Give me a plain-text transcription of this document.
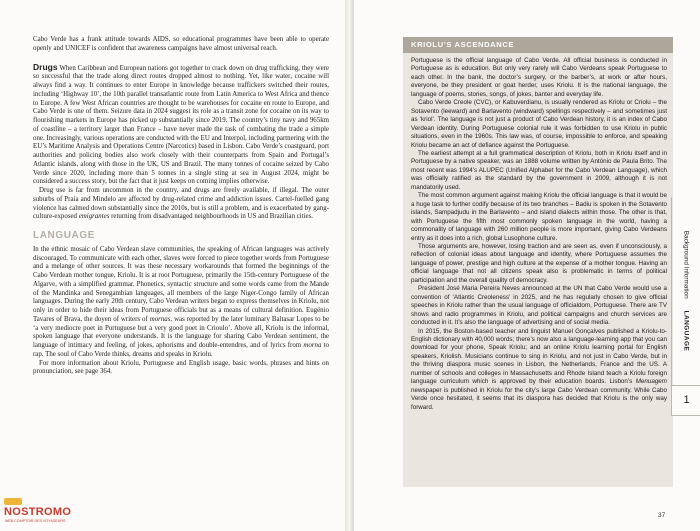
Cabo Verde has a frank attitude towards AIDS, so educational programmes have been able to operate openly and UNICEF is confident that awareness campaigns have almost universal reach.

Drugs When Caribbean and European nations got together to crack down on drug trafficking, they were so successful that the trade along direct routes dropped almost to nothing. Yet, like water, cocaine will always find a way. It continues to enter Europe in knowledge because traffickers switched their routes, including ‘Highway 10’, the 10th parallel transatlantic route from Latin America to West Africa and thence to Europe. A few West African countries are thought to be warehouses for cocaine en route to Europe, and Cabo Verde is one of them. Seizure data in 2024 suggest its role as a transit zone for cocaine on its way to flourishing markets in Europe has picked up substantially since 2019. The country’s tiny navy and 965km of coastline – a territory larger than France – have never made the task of combating the trade a simple one. Increasingly, various operations are conducted with the EU and Interpol, including partnering with the EU’s Maritime Analysis and Operations Centre (Narcotics) based in Lisbon. Cabo Verde’s coastguard, port authorities and policing bodies also work closely with their counterparts from Spain and Portugal’s Atlantic islands, along with those in the UK, US and Brazil. The many tonnes of cocaine seized by Cabo Verde since 2020, including more than 5 tonnes in a single sting at sea in August 2024, might be considered a success story, but the fact that it just keeps on coming implies otherwise.

Drug use is far from uncommon in the country, and drugs are freely available, if illegal. The outer suburbs of Praia and Mindelo are affected by drug-related crime and addiction issues. Cartel-fuelled gang violence has calmed down substantially since the 2010s, but is still a problem, and is exacerbated by gang-culture-exposed emigrantes returning from disadvantaged neighbourhoods in US and Brazilian cities.

LANGUAGE

In the ethnic mosaic of Cabo Verdean slave communities, the speaking of African languages was actively discouraged. To communicate with each other, slaves were forced to piece together words from Portuguese and a melange of other sources. It was these necessary workarounds that formed the beginnings of the Cabo Verdean mother tongue, Kriolu. It is at root Portuguese, primarily the 15th-century Portuguese of the Algarve, with a simplified grammar. Phonetics, syntactic structure and some words came from the Mande of the Mandinka and Senegambian languages, all members of the large Niger-Congo family of African languages. During the early 20th century, Cabo Verdean writers began to express themselves in Kriolu, not only in order to hide their ideas from Portuguese officials but as a means of cultural definition. Eugénio Tavares of Brava, the doyen of writers of mornas, was reported by the later luminary Baltasar Lopes to be ‘a very mediocre poet in Portuguese but a very good poet in Crioulo’. Above all, Kriolu is the informal, spoken language that everyone understands. It is the language for sharing Cabo Verdean sentiment, the language of intimacy and feeling, of jokes, aphorisms and double-entendres, and of lyrics from morna to rap. The soul of Cabo Verde thinks, dreams and speaks in Kriolu.

For more information about Kriolu, Portuguese and English usage, basic words, phrases and hints on pronunciation, see page 364.

NOSTROMO
WEB COMPTOIR DES VOYAGEURS
KRIOLU’S ASCENDANCE

Portuguese is the official language of Cabo Verde. All official business is conducted in Portuguese as is education. But only very rarely will Cabo Verdeans speak Portuguese to each other. In the bank, the doctor’s surgery, or the barber’s, at work or after hours, everyone, be they president or goat herder, uses Kriolu. It is the national language, the language of poems, stories, songs, of jokes, banter and everyday life.

Cabo Verde Creole (CVC), or Kabuverdianu, is usually rendered as Kriolu or Criolu – the Sotavento (leeward) and Barlavento (windward) spellings respectively – and sometimes just as ‘kriol’. The language is not just a product of Cabo Verdean history, it is an index of Cabo Verdean identity. During Portuguese colonial rule it was forbidden to use Kriolu in public situations, even in the 1960s. This law was, of course, impossible to enforce, and speaking Kriolu became an act of defiance against the Portuguese.

The earliest attempt at a full grammatical description of Kriolu, both in Kriolu itself and in Portuguese by a native speaker, was an 1888 volume written by António de Paula Brito. The most recent was 1994’s ALUPEC (Unified Alphabet for the Cabo Verdean Language), which was officially ratified as the standard by the government in 2009, although it is not mandatorily used.

The most common argument against making Kriolu the official language is that it would be a huge task to further codify because of its two branches – Badiu is spoken in the Sotavento islands, Sampadjudu in the Barlavento – and island dialects within those. The other is that, with Portuguese the fifth most commonly spoken language in the world, having a commonality of language with 260 million people is more important, giving Cabo Verdeans entry as it does into a rich, global Lusophone culture.

Those arguments are, however, losing traction and are seen as, even if unconsciously, a reflection of colonial ideas about language and identity, where Portuguese assumes the language of power, prestige and high culture at the expense of a mother tongue. Having an official language that not all citizens speak also is problematic in terms of political participation and the overall quality of democracy.

President José Maria Pereira Neves announced at the UN that Cabo Verde would use a convention of ‘Atlantic Creoleness’ in 2025, and he has regularly chosen to give official speeches in Kriolu rather than the usual language of officialdom, Portuguese. There are TV shows and radio programmes in Kriolu, and political campaigns and church services are conducted in it. It’s also the language of advertising and of social media.

In 2015, the Boston-based teacher and linguist Manuel Gonçalves published a Kriolu-to-English dictionary with 40,000 words; there’s now also a language-learning app that you can download for your phone, Speak Kriolu; and an online Kriolu learning portal for English speakers, Kriolish. Musicians continue to sing in Kriolu, and not just in Cabo Verde, but in the thriving diaspora music scenes in Lisbon, the Netherlands, France and the US. A number of schools and colleges in Massachusetts and Rhode Island teach a Kriolu foreign language curriculum which is approved by their education boards. Lisbon’s Menuagem newspaper is published in Kriolu for the city’s large Cabo Verdean community. While Cabo Verde once hesitated, it seems that its diaspora has decided that Kriolu is the only way forward.

Background InformationLANGUAGE
1
37
